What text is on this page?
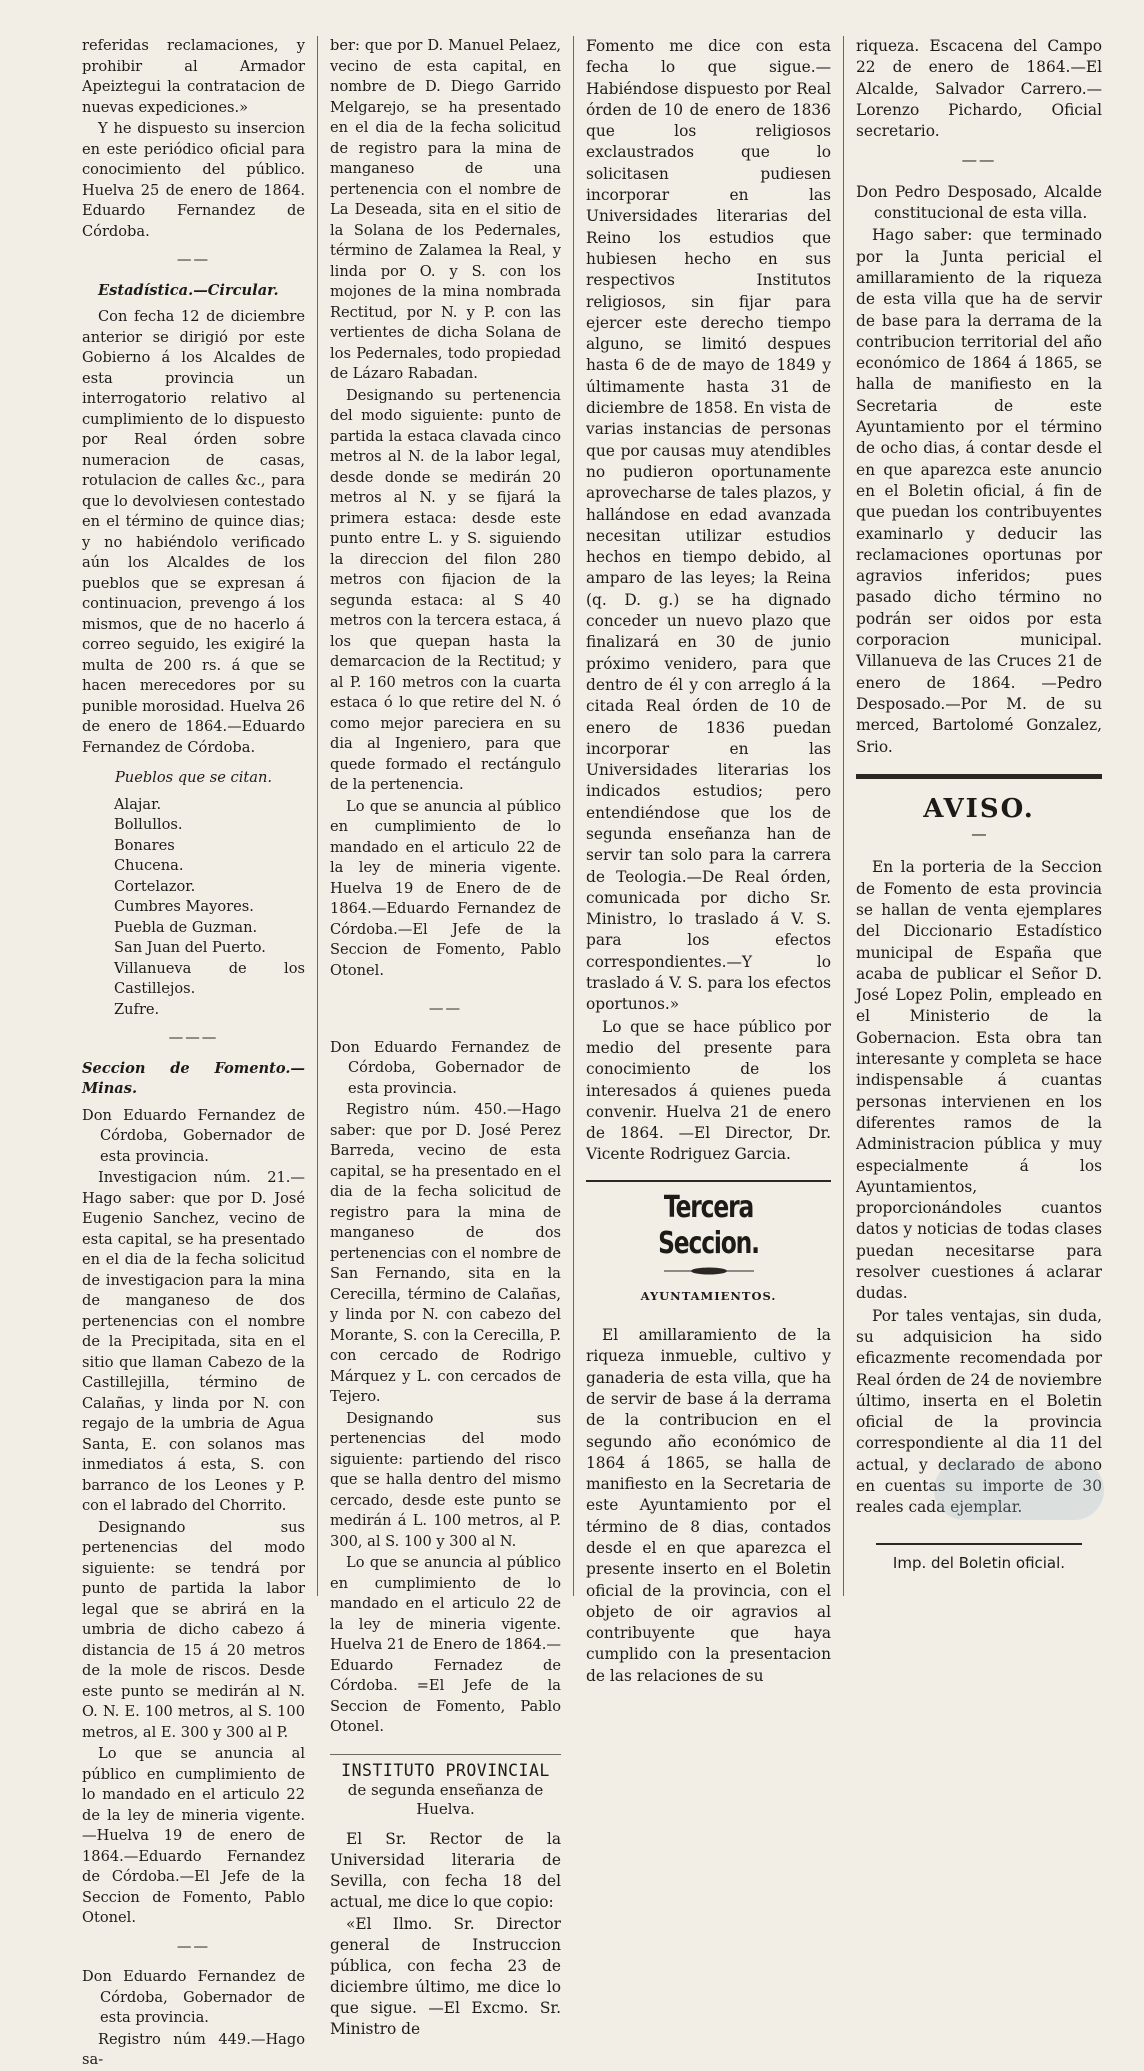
referidas reclamaciones, y prohibir al Armador Apeiztegui la contratacion de nuevas expediciones.»

Y he dispuesto su insercion en este periódico oficial para conocimiento del público. Huelva 25 de enero de 1864. Eduardo Fernandez de Córdoba.

——

Estadística.—Circular.

Con fecha 12 de diciembre anterior se dirigió por este Gobierno á los Alcaldes de esta provincia un interrogatorio relativo al cumplimiento de lo dispuesto por Real órden sobre numeracion de casas, rotulacion de calles &c., para que lo devolviesen contestado en el término de quince dias; y no habiéndolo verificado aún los Alcaldes de los pueblos que se expresan á continuacion, prevengo á los mismos, que de no hacerlo á correo seguido, les exigiré la multa de 200 rs. á que se hacen merecedores por su punible morosidad. Huelva 26 de enero de 1864.—Eduardo Fernandez de Córdoba.

Pueblos que se citan.

Alajar.
Bollullos.
Bonares
Chucena.
Cortelazor.
Cumbres Mayores.
Puebla de Guzman.
San Juan del Puerto.
Villanueva de los Castillejos.
Zufre.
———

Seccion de Fomento.—Minas.

Don Eduardo Fernandez de Córdoba, Gobernador de esta provincia.

Investigacion núm. 21.—Hago saber: que por D. José Eugenio Sanchez, vecino de esta capital, se ha presentado en el dia de la fecha solicitud de investigacion para la mina de manganeso de dos pertenencias con el nombre de la Precipitada, sita en el sitio que llaman Cabezo de la Castillejilla, término de Calañas, y linda por N. con regajo de la umbria de Agua Santa, E. con solanos mas inmediatos á esta, S. con barranco de los Leones y P. con el labrado del Chorrito.

Designando sus pertenencias del modo siguiente: se tendrá por punto de partida la labor legal que se abrirá en la umbria de dicho cabezo á distancia de 15 á 20 metros de la mole de riscos. Desde este punto se medirán al N. O. N. E. 100 metros, al S. 100 metros, al E. 300 y 300 al P.

Lo que se anuncia al público en cumplimiento de lo mandado en el articulo 22 de la ley de mineria vigente.—Huelva 19 de enero de 1864.—Eduardo Fernandez de Córdoba.—El Jefe de la Seccion de Fomento, Pablo Otonel.

——

Don Eduardo Fernandez de Córdoba, Gobernador de esta provincia.

Registro núm 449.—Hago sa-

ber: que por D. Manuel Pelaez, vecino de esta capital, en nombre de D. Diego Garrido Melgarejo, se ha presentado en el dia de la fecha solicitud de registro para la mina de manganeso de una pertenencia con el nombre de La Deseada, sita en el sitio de la Solana de los Pedernales, término de Zalamea la Real, y linda por O. y S. con los mojones de la mina nombrada Rectitud, por N. y P. con las vertientes de dicha Solana de los Pedernales, todo propiedad de Lázaro Rabadan.

Designando su pertenencia del modo siguiente: punto de partida la estaca clavada cinco metros al N. de la labor legal, desde donde se medirán 20 metros al N. y se fijará la primera estaca: desde este punto entre L. y S. siguiendo la direccion del filon 280 metros con fijacion de la segunda estaca: al S 40 metros con la tercera estaca, á los que quepan hasta la demarcacion de la Rectitud; y al P. 160 metros con la cuarta estaca ó lo que retire del N. ó como mejor pareciera en su dia al Ingeniero, para que quede formado el rectángulo de la pertenencia.

Lo que se anuncia al público en cumplimiento de lo mandado en el articulo 22 de la ley de mineria vigente. Huelva 19 de Enero de de 1864.—Eduardo Fernandez de Córdoba.—El Jefe de la Seccion de Fomento, Pablo Otonel.

——

Don Eduardo Fernandez de Córdoba, Gobernador de esta provincia.

Registro núm. 450.—Hago saber: que por D. José Perez Barreda, vecino de esta capital, se ha presentado en el dia de la fecha solicitud de registro para la mina de manganeso de dos pertenencias con el nombre de San Fernando, sita en la Cerecilla, término de Calañas, y linda por N. con cabezo del Morante, S. con la Cerecilla, P. con cercado de Rodrigo Márquez y L. con cercados de Tejero.

Designando sus pertenencias del modo siguiente: partiendo del risco que se halla dentro del mismo cercado, desde este punto se medirán á L. 100 metros, al P. 300, al S. 100 y 300 al N.

Lo que se anuncia al público en cumplimiento de lo mandado en el articulo 22 de la ley de mineria vigente. Huelva 21 de Enero de 1864.—Eduardo Fernadez de Córdoba. =El Jefe de la Seccion de Fomento, Pablo Otonel.

INSTITUTO PROVINCIAL
de segunda enseñanza de Huelva.

El Sr. Rector de la Universidad literaria de Sevilla, con fecha 18 del actual, me dice lo que copio:

«El Ilmo. Sr. Director general de Instruccion pública, con fecha 23 de diciembre último, me dice lo que sigue. —El Excmo. Sr. Ministro de

Fomento me dice con esta fecha lo que sigue.—Habiéndose dispuesto por Real órden de 10 de enero de 1836 que los religiosos exclaustrados que lo solicitasen pudiesen incorporar en las Universidades literarias del Reino los estudios que hubiesen hecho en sus respectivos Institutos religiosos, sin fijar para ejercer este derecho tiempo alguno, se limitó despues hasta 6 de de mayo de 1849 y últimamente hasta 31 de diciembre de 1858. En vista de varias instancias de personas que por causas muy atendibles no pudieron oportunamente aprovecharse de tales plazos, y hallándose en edad avanzada necesitan utilizar estudios hechos en tiempo debido, al amparo de las leyes; la Reina (q. D. g.) se ha dignado conceder un nuevo plazo que finalizará en 30 de junio próximo venidero, para que dentro de él y con arreglo á la citada Real órden de 10 de enero de 1836 puedan incorporar en las Universidades literarias los indicados estudios; pero entendiéndose que los de segunda enseñanza han de servir tan solo para la carrera de Teologia.—De Real órden, comunicada por dicho Sr. Ministro, lo traslado á V. S. para los efectos correspondientes.—Y lo traslado á V. S. para los efectos oportunos.»

Lo que se hace público por medio del presente para conocimiento de los interesados á quienes pueda convenir. Huelva 21 de enero de 1864. —El Director, Dr. Vicente Rodriguez Garcia.

Tercera Seccion.
AYUNTAMIENTOS.

El amillaramiento de la riqueza inmueble, cultivo y ganaderia de esta villa, que ha de servir de base á la derrama de la contribucion en el segundo año económico de 1864 á 1865, se halla de manifiesto en la Secretaria de este Ayuntamiento por el término de 8 dias, contados desde el en que aparezca el presente inserto en el Boletin oficial de la provincia, con el objeto de oir agravios al contribuyente que haya cumplido con la presentacion de las relaciones de su

riqueza. Escacena del Campo 22 de enero de 1864.—El Alcalde, Salvador Carrero.—Lorenzo Pichardo, Oficial secretario.

——

Don Pedro Desposado, Alcalde constitucional de esta villa.

Hago saber: que terminado por la Junta pericial el amillaramiento de la riqueza de esta villa que ha de servir de base para la derrama de la contribucion territorial del año económico de 1864 á 1865, se halla de manifiesto en la Secretaria de este Ayuntamiento por el término de ocho dias, á contar desde el en que aparezca este anuncio en el Boletin oficial, á fin de que puedan los contribuyentes examinarlo y deducir las reclamaciones oportunas por agravios inferidos; pues pasado dicho término no podrán ser oidos por esta corporacion municipal. Villanueva de las Cruces 21 de enero de 1864. —Pedro Desposado.—Por M. de su merced, Bartolomé Gonzalez, Srio.

AVISO.
—

En la porteria de la Seccion de Fomento de esta provincia se hallan de venta ejemplares del Diccionario Estadístico municipal de España que acaba de publicar el Señor D. José Lopez Polin, empleado en el Ministerio de la Gobernacion. Esta obra tan interesante y completa se hace indispensable á cuantas personas intervienen en los diferentes ramos de la Administracion pública y muy especialmente á los Ayuntamientos, proporcionándoles cuantos datos y noticias de todas clases puedan necesitarse para resolver cuestiones á aclarar dudas.

Por tales ventajas, sin duda, su adquisicion ha sido eficazmente recomendada por Real órden de 24 de noviembre último, inserta en el Boletin oficial de la provincia correspondiente al dia 11 del actual, y declarado de abono en cuentas su importe de 30 reales cada ejemplar.

Imp. del Boletin oficial.
